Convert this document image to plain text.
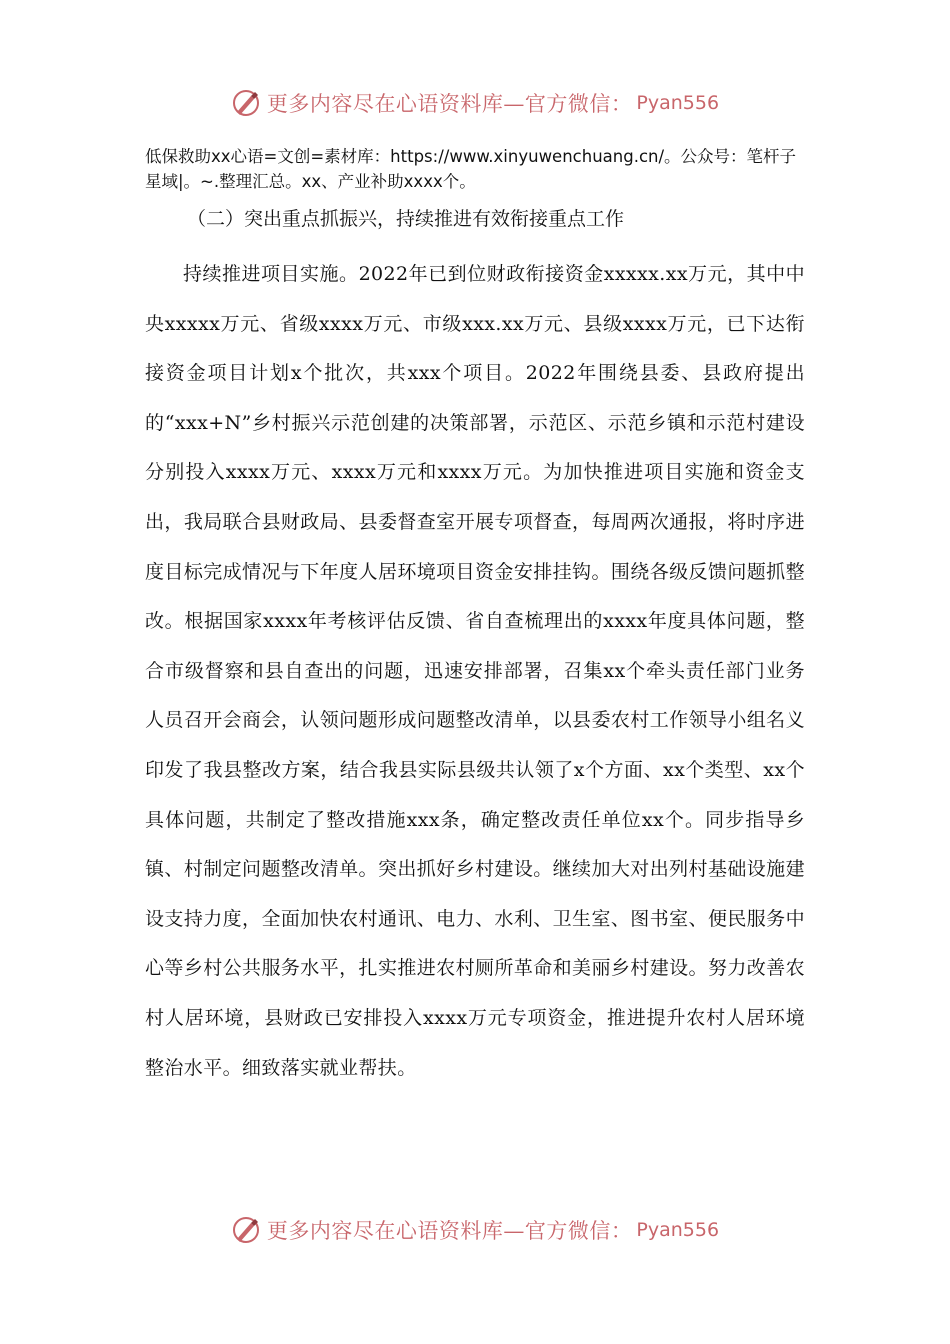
更多内容尽在心语资料库—官方微信： Pyan556

低保救助xx心语=文创=素材库：https://www.xinyuwenchuang.cn/。公众号：笔杆子星域|。~.整理汇总。xx、产业补助xxxx个。

（二）突出重点抓振兴，持续推进有效衔接重点工作

持续推进项目实施。2022年已到位财政衔接资金xxxxx.xx万元，其中中央xxxxx万元、省级xxxx万元、市级xxx.xx万元、县级xxxx万元，已下达衔接资金项目计划x个批次，共xxx个项目。2022年围绕县委、县政府提出的“xxx+N”乡村振兴示范创建的决策部署，示范区、示范乡镇和示范村建设分别投入xxxx万元、xxxx万元和xxxx万元。为加快推进项目实施和资金支出，我局联合县财政局、县委督查室开展专项督查，每周两次通报，将时序进度目标完成情况与下年度人居环境项目资金安排挂钩。围绕各级反馈问题抓整改。根据国家xxxx年考核评估反馈、省自查梳理出的xxxx年度具体问题，整合市级督察和县自查出的问题，迅速安排部署，召集xx个牵头责任部门业务人员召开会商会，认领问题形成问题整改清单，以县委农村工作领导小组名义印发了我县整改方案，结合我县实际县级共认领了x个方面、xx个类型、xx个具体问题，共制定了整改措施xxx条，确定整改责任单位xx个。同步指导乡镇、村制定问题整改清单。突出抓好乡村建设。继续加大对出列村基础设施建设支持力度，全面加快农村通讯、电力、水利、卫生室、图书室、便民服务中心等乡村公共服务水平，扎实推进农村厕所革命和美丽乡村建设。努力改善农村人居环境，县财政已安排投入xxxx万元专项资金，推进提升农村人居环境整治水平。细致落实就业帮扶。

更多内容尽在心语资料库—官方微信： Pyan556
